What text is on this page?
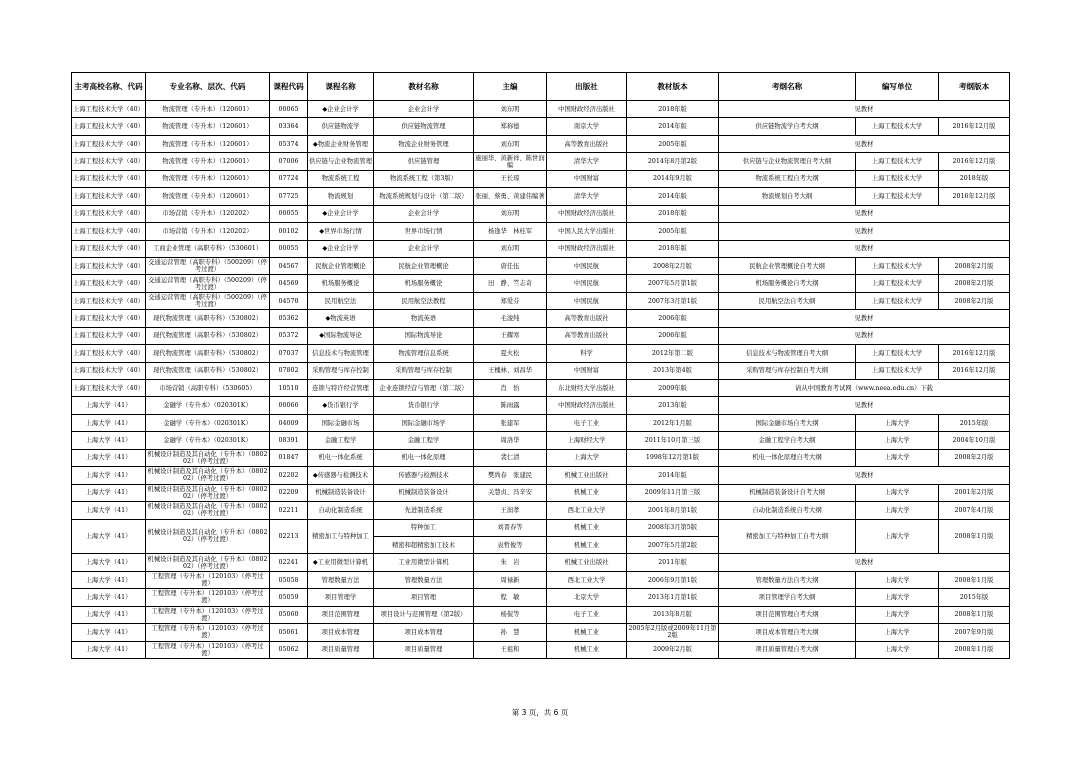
主考高校名称、代码	专业名称、层次、代码	课程代码	课程名称	教材名称	主编	出版社	教材版本	考纲名称	编写单位	考纲版本
上海工程技术大学（40）	物流管理（专升本）（120601）	00065	◆企业会计学	企业会计学	刘东明	中国财政经济出版社	2018年版	见教材		
上海工程技术大学（40）	物流管理（专升本）（120601）	03364	供应链物流学	供应链物流管理	郑称德	南京大学	2014年版	供应链物流学自考大纲	上海工程技术大学	2016年12月版
上海工程技术大学（40）	物流管理（专升本）（120601）	05374	◆物流企业财务管理	物流企业财务管理	刘东明	高等教育出版社	2005年版	见教材		
上海工程技术大学（40）	物流管理（专升本）（120601）	07006	供应链与企业物流管理	供应链管理	施丽华、黄新祥、陈世润编	清华大学	2014年8月第2版	供应链与企业物流管理自考大纲	上海工程技术大学	2016年12月版
上海工程技术大学（40）	物流管理（专升本）（120601）	07724	物流系统工程	物流系统工程（第3版）	王长琼	中国财富	2014年9月版	物流系统工程自考大纲	上海工程技术大学	2018年版
上海工程技术大学（40）	物流管理（专升本）（120601）	07725	物流规划	物流系统规划与设计（第二版）	张丽、蔡勇、黄建伟编著	清华大学	2014年版	物流规划自考大纲	上海工程技术大学	2016年12月版
上海工程技术大学（40）	市场营销（专升本）（120202）	00055	◆企业会计学	企业会计学	刘东明	中国财政经济出版社	2018年版	见教材		
上海工程技术大学（40）	市场营销（专升本）（120202）	00102	◆世界市场行情	世界市场行情	杨逢华　林桂军	中国人民大学出版社	2005年版	见教材		
上海工程技术大学（40）	工商企业管理（高职专科）（530601）	00055	◆企业会计学	企业会计学	刘东明	中国财政经济出版社	2018年版	见教材		
上海工程技术大学（40）	交通运营管理（高职专科）（500209）（停考过渡）	04567	民航企业管理概论	民航企业管理概论	唐任伍	中国民航	2008年2月版	民航企业管理概论自考大纲	上海工程技术大学	2008年2月版
上海工程技术大学（40）	交通运营管理（高职专科）（500209）（停考过渡）	04569	机场服务概论	机场服务概论	田　静、竺志奇	中国民航	2007年5月第1版	机场服务概论自考大纲	上海工程技术大学	2008年2月版
上海工程技术大学（40）	交通运营管理（高职专科）（500209）（停考过渡）	04570	民用航空法	民用航空法教程	郑爱芬	中国民航	2007年3月第1版	民用航空法自考大纲	上海工程技术大学	2008年2月版
上海工程技术大学（40）	现代物流管理（高职专科）（530802）	05362	◆物流英语	物流英语	毛浚纯	高等教育出版社	2006年版	见教材		
上海工程技术大学（40）	现代物流管理（高职专科）（530802）	05372	◆国际物流导论	国际物流导论	王耀寒	高等教育出版社	2006年版	见教材		
上海工程技术大学（40）	现代物流管理（高职专科）（530802）	07037	信息技术与物流管理	物流管理信息系统	夏火松	科学	2012年第二版	信息技术与物流管理自考大纲	上海工程技术大学	2016年12月版
上海工程技术大学（40）	现代物流管理（高职专科）（530802）	07802	采购管理与库存控制	采购管理与库存控制	王槐林、刘昌华	中国财富	2013年第4版	采购管理与库存控制自考大纲	上海工程技术大学	2016年12月版
上海工程技术大学（40）	市场营销（高职专科）（530605）	10510	连锁与特许经营管理	企业连锁经营与管理（第二版）	肖　怡	东北财经大学出版社	2009年版	请从中国教育考试网（www.neea.edu.cn）下载		
上海大学（41）	金融学（专升本）（020301K）	00066	◆货币银行学	货币银行学	陈雨露	中国财政经济出版社	2013年版	见教材		
上海大学（41）	金融学（专升本）（020301K）	04009	国际金融市场	国际金融市场学	张建军	电子工业	2012年1月版	国际金融市场自考大纲	上海大学	2015年版
上海大学（41）	金融学（专升本）（020301K）	08391	金融工程学	金融工程学	周洛华	上海财经大学	2011年10月第三版	金融工程学自考大纲	上海大学	2004年10月版
上海大学（41）	机械设计制造及其自动化（专升本）（080202）（停考过渡）	01847	机电一体化系统	机电一体化原理	裴仁清	上海大学	1998年12月第1版	机电一体化原理自考大纲	上海大学	2008年2月版
上海大学（41）	机械设计制造及其自动化（专升本）（080202）（停考过渡）	02202	◆传感器与检测技术	传感器与检测技术	樊尚春　张建民	机械工业出版社	2014年版	见教材		
上海大学（41）	机械设计制造及其自动化（专升本）（080202）（停考过渡）	02209	机械制造装备设计	机械制造装备设计	关慧贞、冯辛安	机械工业	2009年11月第三版	机械制造装备设计自考大纲	上海大学	2001年2月版
上海大学（41）	机械设计制造及其自动化（专升本）（080202）（停考过渡）	02211	自动化制造系统	先进制造系统	王润孝	西北工业大学	2001年8月第1版	自动化制造系统自考大纲	上海大学	2007年4月版
上海大学（41）	机械设计制造及其自动化（专升本）（080202）（停考过渡）	02213	精密加工与特种加工	特种加工	刘晋春等	机械工业	2008年3月第5版	精密加工与特种加工自考大纲	上海大学	2008年1月版
				精密和超精密加工技术	袁哲俊等	机械工业	2007年5月第2版			
上海大学（41）	机械设计制造及其自动化（专升本）（080202）（停考过渡）	02241	◆工业用微型计算机	工业用微型计算机	朱　岩	机械工业出版社	2011年版	见教材		
上海大学（41）	工程管理（专升本）（120103）（停考过渡）	05058	管理数量方法	管理数量方法	周禄新	西北工业大学	2006年9月第1版	管理数量方法自考大纲	上海大学	2008年1月版
上海大学（41）	工程管理（专升本）（120103）（停考过渡）	05059	项目管理学	项目管理	程　敏	北京大学	2013年1月第1版	项目管理学自考大纲	上海大学	2015年版
上海大学（41）	工程管理（专升本）（120103）（停考过渡）	05060	项目范围管理	项目设计与范围管理（第2版）	杨侃等	电子工业	2013年8月版	项目范围管理自考大纲	上海大学	2008年1月版
上海大学（41）	工程管理（专升本）（120103）（停考过渡）	05061	项目成本管理	项目成本管理	孙　慧	机械工业	2005年2月版或2009年11月第2版	项目成本管理自考大纲	上海大学	2007年9月版
上海大学（41）	工程管理（专升本）（120103）（停考过渡）	05062	项目质量管理	项目质量管理	王祖和	机械工业	2009年2月版	项目质量管理自考大纲	上海大学	2008年1月版
第 3 页，共 6 页
